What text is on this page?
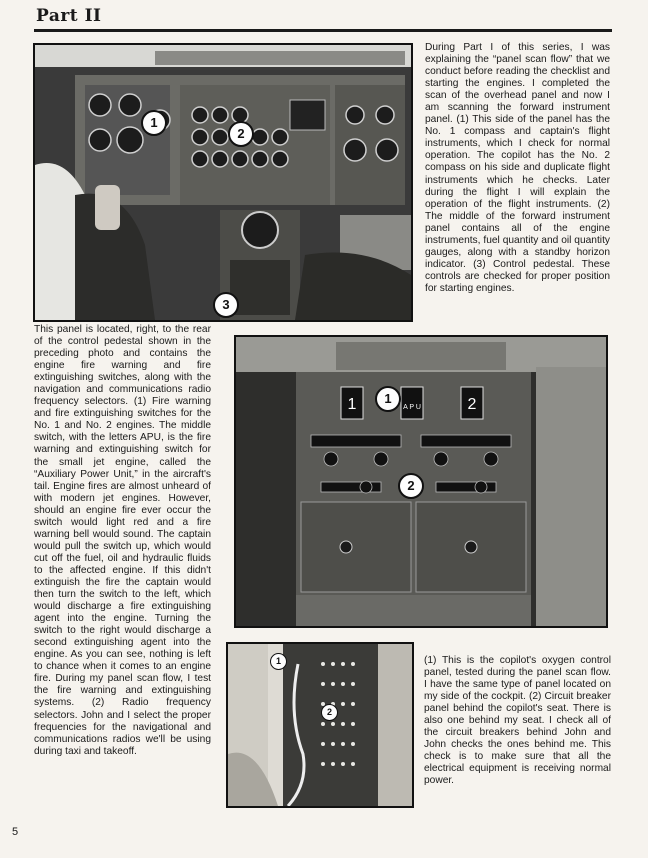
Part II
1
2
3

During Part I of this series, I was explaining the “panel scan flow” that we conduct before reading the checklist and starting the engines. I completed the scan of the overhead panel and now I am scanning the forward instrument panel. (1) This side of the panel has the No. 1 compass and captain's flight instruments, which I check for normal operation. The copilot has the No. 2 compass on his side and duplicate flight instruments which he checks. Later during the flight I will explain the operation of the flight instruments. (2) The middle of the forward instrument panel contains all of the engine instruments, fuel quantity and oil quantity gauges, along with a standby horizon indicator. (3) Control pedestal. These controls are checked for proper position for starting engines.

This panel is located, right, to the rear of the control pedestal shown in the preceding photo and contains the engine fire warning and fire extinguishing switches, along with the navigation and communications radio frequency selectors. (1) Fire warning and fire extinguishing switches for the No. 1 and No. 2 engines. The middle switch, with the letters APU, is the fire warning and extinguishing switch for the small jet engine, called the “Auxiliary Power Unit,” in the aircraft's tail. Engine fires are almost unheard of with modern jet engines. However, should an engine fire ever occur the switch would light red and a fire warning bell would sound. The captain would pull the switch up, which would cut off the fuel, oil and hydraulic fluids to the affected engine. If this didn't extinguish the fire the captain would then turn the switch to the left, which would discharge a fire extinguishing agent into the engine. Turning the switch to the right would discharge a second extinguishing agent into the engine. As you can see, nothing is left to chance when it comes to an engine fire. During my panel scan flow, I test the fire warning and extinguishing systems. (2) Radio frequency selectors. John and I select the proper frequencies for the navigational and communications radios we'll be using during taxi and takeoff.

1	A P U	2
1
2
1
2

(1) This is the copilot's oxygen control panel, tested during the panel scan flow. I have the same type of panel located on my side of the cockpit. (2) Circuit breaker panel behind the copilot's seat. There is also one behind my seat. I check all of the circuit breakers behind John and John checks the ones behind me. This check is to make sure that all the electrical equipment is receiving normal power.

5
